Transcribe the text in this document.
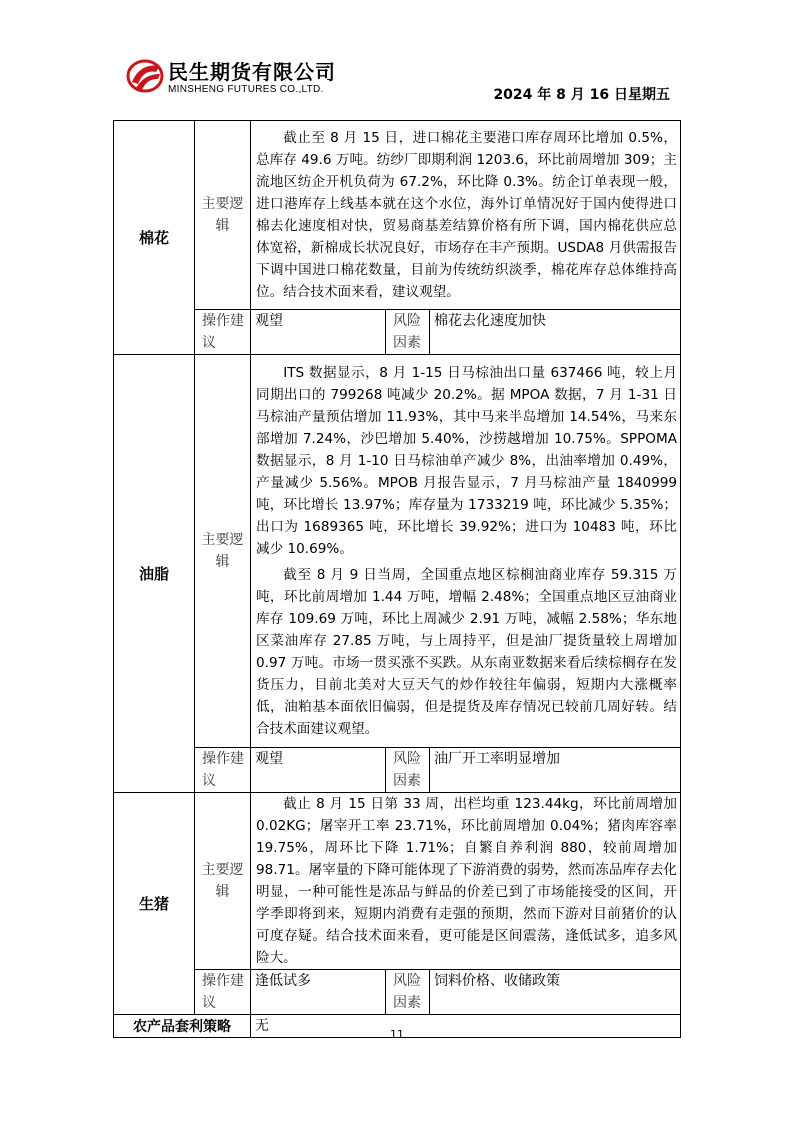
民生期货有限公司
MINSHENG FUTURES CO.,LTD.	2024 年 8 月 16 日星期五
棉花	主要逻辑	截止至 8 月 15 日，进口棉花主要港口库存周环比增加 0.5%，总库存 49.6 万吨。纺纱厂即期利润 1203.6，环比前周增加 309；主流地区纺企开机负荷为 67.2%，环比降 0.3%。纺企订单表现一般，进口港库存上线基本就在这个水位，海外订单情况好于国内使得进口棉去化速度相对快，贸易商基差结算价格有所下调，国内棉花供应总体宽裕，新棉成长状况良好，市场存在丰产预期。USDA8 月供需报告下调中国进口棉花数量，目前为传统纺织淡季，棉花库存总体维持高位。结合技术面来看，建议观望。		

	操作建议	观望	风险因素	棉花去化速度加快
油脂	主要逻辑	ITS 数据显示，8 月 1-15 日马棕油出口量 637466 吨，较上月同期出口的 799268 吨减少 20.2%。据 MPOA 数据，7 月 1-31 日马棕油产量预估增加 11.93%，其中马来半岛增加 14.54%，马来东部增加 7.24%，沙巴增加 5.40%，沙捞越增加 10.75%。SPPOMA 数据显示，8 月 1-10 日马棕油单产减少 8%，出油率增加 0.49%，产量减少 5.56%。MPOB 月报告显示，7 月马棕油产量 1840999 吨，环比增长 13.97%；库存量为 1733219 吨，环比减少 5.35%；出口为 1689365 吨，环比增长 39.92%；进口为 10483 吨，环比减少 10.69%。

截至 8 月 9 日当周，全国重点地区棕榈油商业库存 59.315 万吨，环比前周增加 1.44 万吨，增幅 2.48%；全国重点地区豆油商业库存 109.69 万吨，环比上周减少 2.91 万吨，减幅 2.58%；华东地区菜油库存 27.85 万吨，与上周持平，但是油厂提货量较上周增加 0.97 万吨。市场一贯买涨不买跌。从东南亚数据来看后续棕榈存在发货压力，目前北美对大豆天气的炒作较往年偏弱，短期内大涨概率低，油粕基本面依旧偏弱，但是提货及库存情况已较前几周好转。结合技术面建议观望。		

	操作建议	观望	风险因素	油厂开工率明显增加
生猪	主要逻辑	截止 8 月 15 日第 33 周，出栏均重 123.44kg，环比前周增加 0.02KG；屠宰开工率 23.71%，环比前周增加 0.04%；猪肉库容率 19.75%，周环比下降 1.71%；自繁自养利润 880，较前周增加 98.71。屠宰量的下降可能体现了下游消费的弱势，然而冻品库存去化明显，一种可能性是冻品与鲜品的价差已到了市场能接受的区间，开学季即将到来，短期内消费有走强的预期，然而下游对目前猪价的认可度存疑。结合技术面来看，更可能是区间震荡，逢低试多，追多风险大。		

	操作建议	逢低试多	风险因素	饲料价格、收储政策
农产品套利策略		无		
11
